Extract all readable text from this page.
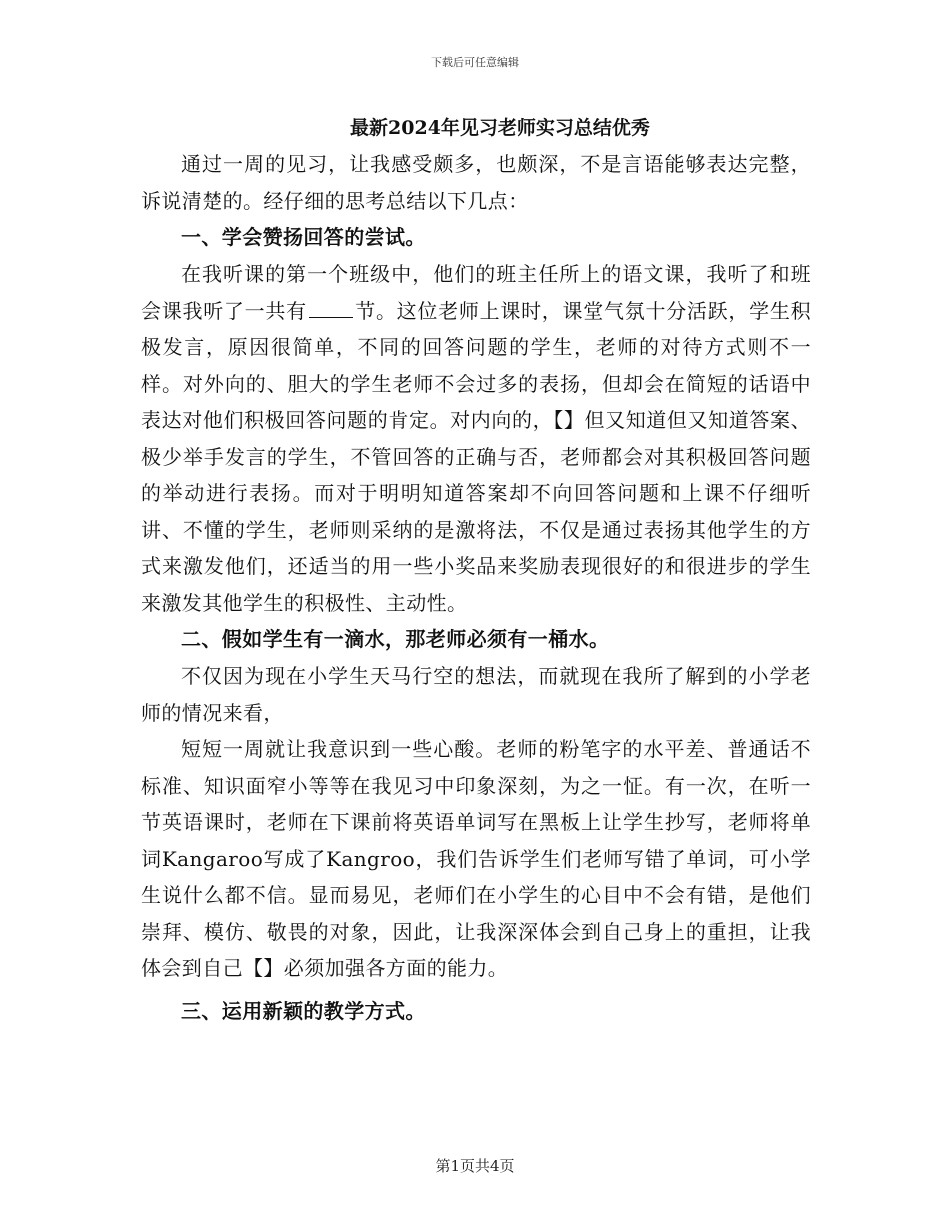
下载后可任意编辑
最新2024年见习老师实习总结优秀

通过一周的见习，让我感受颇多，也颇深，不是言语能够表达完整，诉说清楚的。经仔细的思考总结以下几点：

一、学会赞扬回答的尝试。

在我听课的第一个班级中，他们的班主任所上的语文课，我听了和班会课我听了一共有 节。这位老师上课时，课堂气氛十分活跃，学生积极发言，原因很简单，不同的回答问题的学生，老师的对待方式则不一样。对外向的、胆大的学生老师不会过多的表扬，但却会在简短的话语中表达对他们积极回答问题的肯定。对内向的，【】但又知道但又知道答案、极少举手发言的学生，不管回答的正确与否，老师都会对其积极回答问题的举动进行表扬。而对于明明知道答案却不向回答问题和上课不仔细听讲、不懂的学生，老师则采纳的是激将法，不仅是通过表扬其他学生的方式来激发他们，还适当的用一些小奖品来奖励表现很好的和很进步的学生来激发其他学生的积极性、主动性。

二、假如学生有一滴水，那老师必须有一桶水。

不仅因为现在小学生天马行空的想法，而就现在我所了解到的小学老师的情况来看，

短短一周就让我意识到一些心酸。老师的粉笔字的水平差、普通话不标准、知识面窄小等等在我见习中印象深刻，为之一怔。有一次，在听一节英语课时，老师在下课前将英语单词写在黑板上让学生抄写，老师将单词Kangaroo写成了Kangroo，我们告诉学生们老师写错了单词，可小学生说什么都不信。显而易见，老师们在小学生的心目中不会有错，是他们崇拜、模仿、敬畏的对象，因此，让我深深体会到自己身上的重担，让我体会到自己【】必须加强各方面的能力。

三、运用新颖的教学方式。

第1页共4页
